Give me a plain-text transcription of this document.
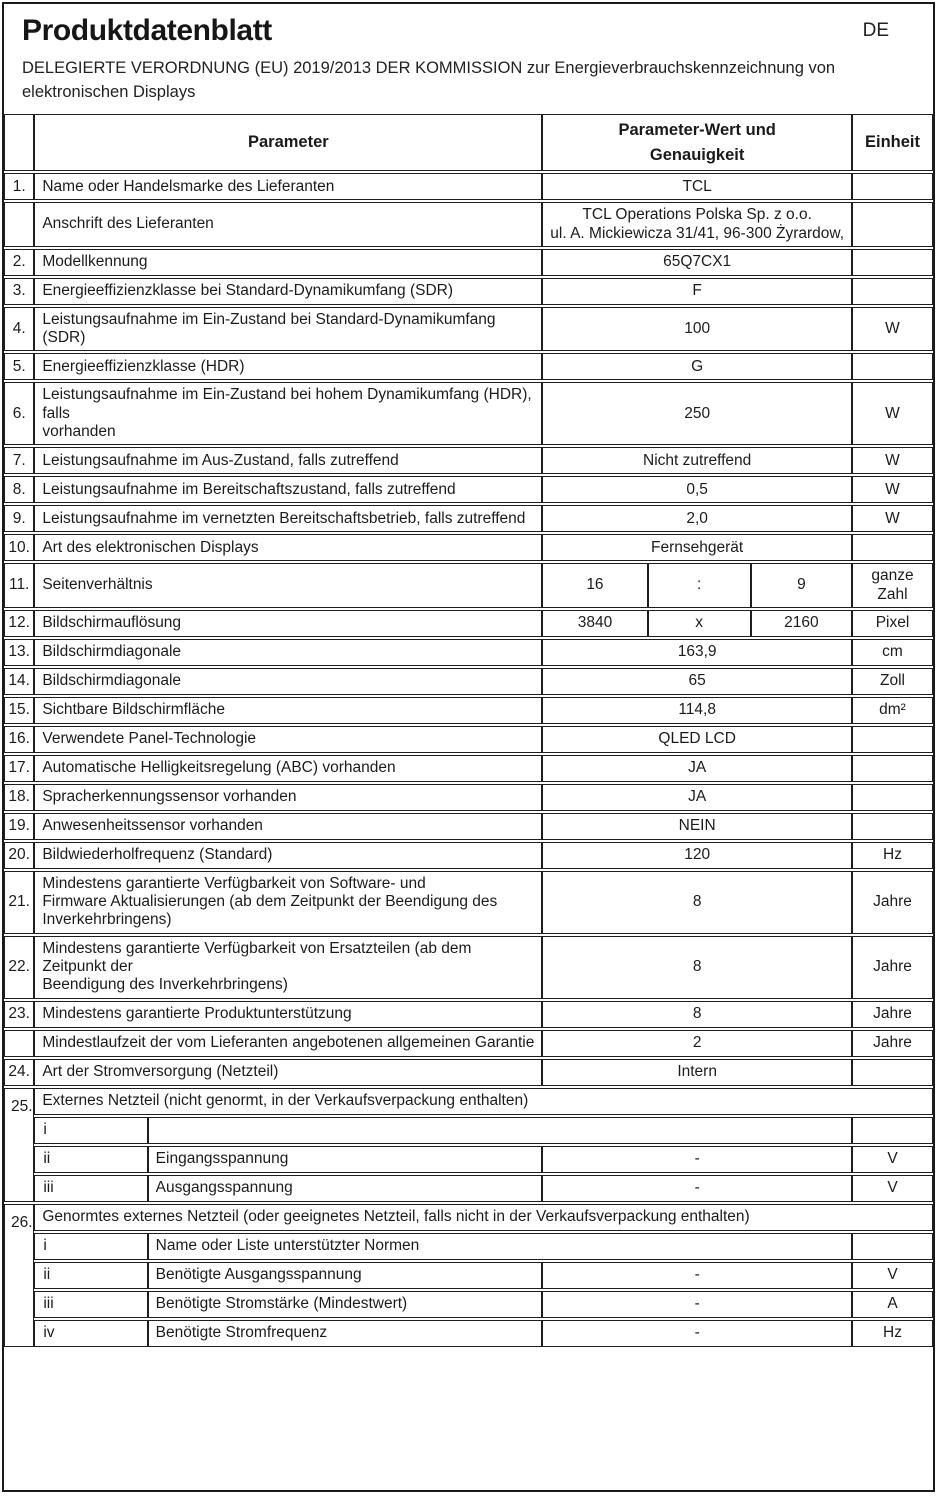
Produktdatenblatt	DE

DELEGIERTE VERORDNUNG (EU) 2019/2013 DER KOMMISSION zur Energieverbrauchskennzeichnung von elektronischen Displays

	Parameter		Parameter-Wert und Genauigkeit			Einheit
1.	Name oder Handelsmarke des Lieferanten		TCL			
	Anschrift des Lieferanten		TCL Operations Polska Sp. z o.o.
ul. A. Mickiewicza 31/41, 96-300 Żyrardow,			
2.	Modellkennung		65Q7CX1			
3.	Energieeffizienzklasse bei Standard-Dynamikumfang (SDR)		F			
4.	Leistungsaufnahme im Ein-Zustand bei Standard-Dynamikumfang (SDR)		100			W
5.	Energieeffizienzklasse (HDR)		G			
6.	Leistungsaufnahme im Ein-Zustand bei hohem Dynamikumfang (HDR), falls
vorhanden		250			W
7.	Leistungsaufnahme im Aus-Zustand, falls zutreffend		Nicht zutreffend			W
8.	Leistungsaufnahme im Bereitschaftszustand, falls zutreffend		0,5			W
9.	Leistungsaufnahme im vernetzten Bereitschaftsbetrieb, falls zutreffend		2,0			W
10.	Art des elektronischen Displays		Fernsehgerät			
11.	Seitenverhältnis		16	:	9	ganze Zahl
12.	Bildschirmauflösung		3840	x	2160	Pixel
13.	Bildschirmdiagonale		163,9			cm
14.	Bildschirmdiagonale		65			Zoll
15.	Sichtbare Bildschirmfläche		114,8			dm²
16.	Verwendete Panel-Technologie		QLED LCD			
17.	Automatische Helligkeitsregelung (ABC) vorhanden		JA			
18.	Spracherkennungssensor vorhanden		JA			
19.	Anwesenheitssensor vorhanden		NEIN			
20.	Bildwiederholfrequenz (Standard)		120			Hz
21.	Mindestens garantierte Verfügbarkeit von Software- und
Firmware Aktualisierungen (ab dem Zeitpunkt der Beendigung des
Inverkehrbringens)		8			Jahre
22.	Mindestens garantierte Verfügbarkeit von Ersatzteilen (ab dem Zeitpunkt der
Beendigung des Inverkehrbringens)		8			Jahre
23.	Mindestens garantierte Produktunterstützung		8			Jahre
	Mindestlaufzeit der vom Lieferanten angebotenen allgemeinen Garantie		2			Jahre
24.	Art der Stromversorgung (Netzteil)		Intern			
25.	Externes Netzteil (nicht genormt, in der Verkaufsverpackung enthalten)					
	i					
	ii	Eingangsspannung	-			V
	iii	Ausgangsspannung	-			V
26.	Genormtes externes Netzteil (oder geeignetes Netzteil, falls nicht in der Verkaufsverpackung enthalten)					
	i	Name oder Liste unterstützter Normen				
	ii	Benötigte Ausgangsspannung	-			V
	iii	Benötigte Stromstärke (Mindestwert)	-			A
	iv	Benötigte Stromfrequenz	-			Hz
